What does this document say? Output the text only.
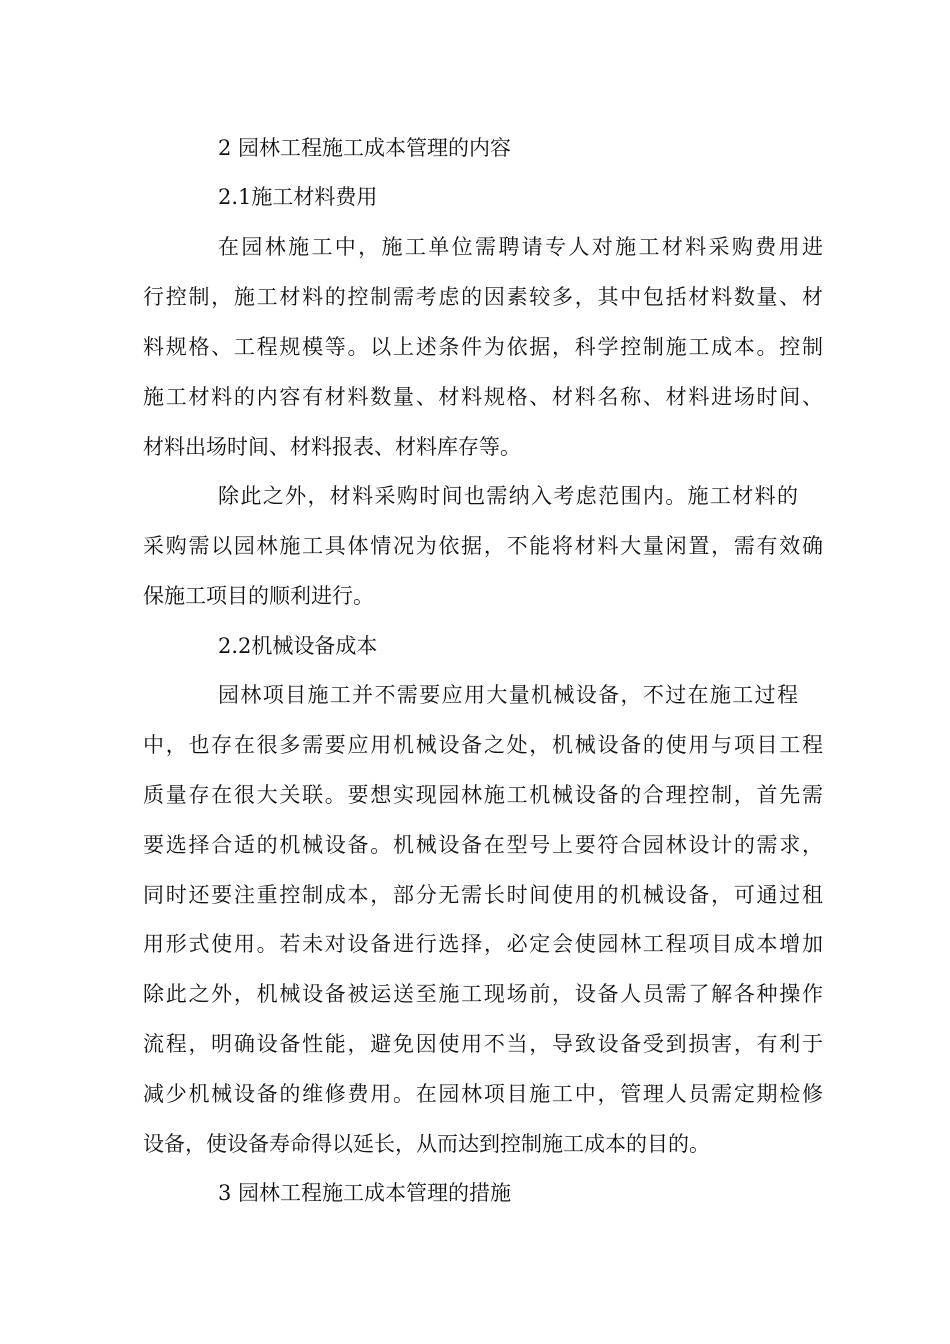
2 园林工程施工成本管理的内容
2.1施工材料费用
在园林施工中，施工单位需聘请专人对施工材料采购费用进
行控制，施工材料的控制需考虑的因素较多，其中包括材料数量、材
料规格、工程规模等。以上述条件为依据，科学控制施工成本。控制
施工材料的内容有材料数量、材料规格、材料名称、材料进场时间、
材料出场时间、材料报表、材料库存等。
除此之外，材料采购时间也需纳入考虑范围内。施工材料的
采购需以园林施工具体情况为依据，不能将材料大量闲置，需有效确
保施工项目的顺利进行。
2.2机械设备成本
园林项目施工并不需要应用大量机械设备，不过在施工过程
中，也存在很多需要应用机械设备之处，机械设备的使用与项目工程
质量存在很大关联。要想实现园林施工机械设备的合理控制，首先需
要选择合适的机械设备。机械设备在型号上要符合园林设计的需求，
同时还要注重控制成本，部分无需长时间使用的机械设备，可通过租
用形式使用。若未对设备进行选择，必定会使园林工程项目成本增加
除此之外，机械设备被运送至施工现场前，设备人员需了解各种操作
流程，明确设备性能，避免因使用不当，导致设备受到损害，有利于
减少机械设备的维修费用。在园林项目施工中，管理人员需定期检修
设备，使设备寿命得以延长，从而达到控制施工成本的目的。
3 园林工程施工成本管理的措施
